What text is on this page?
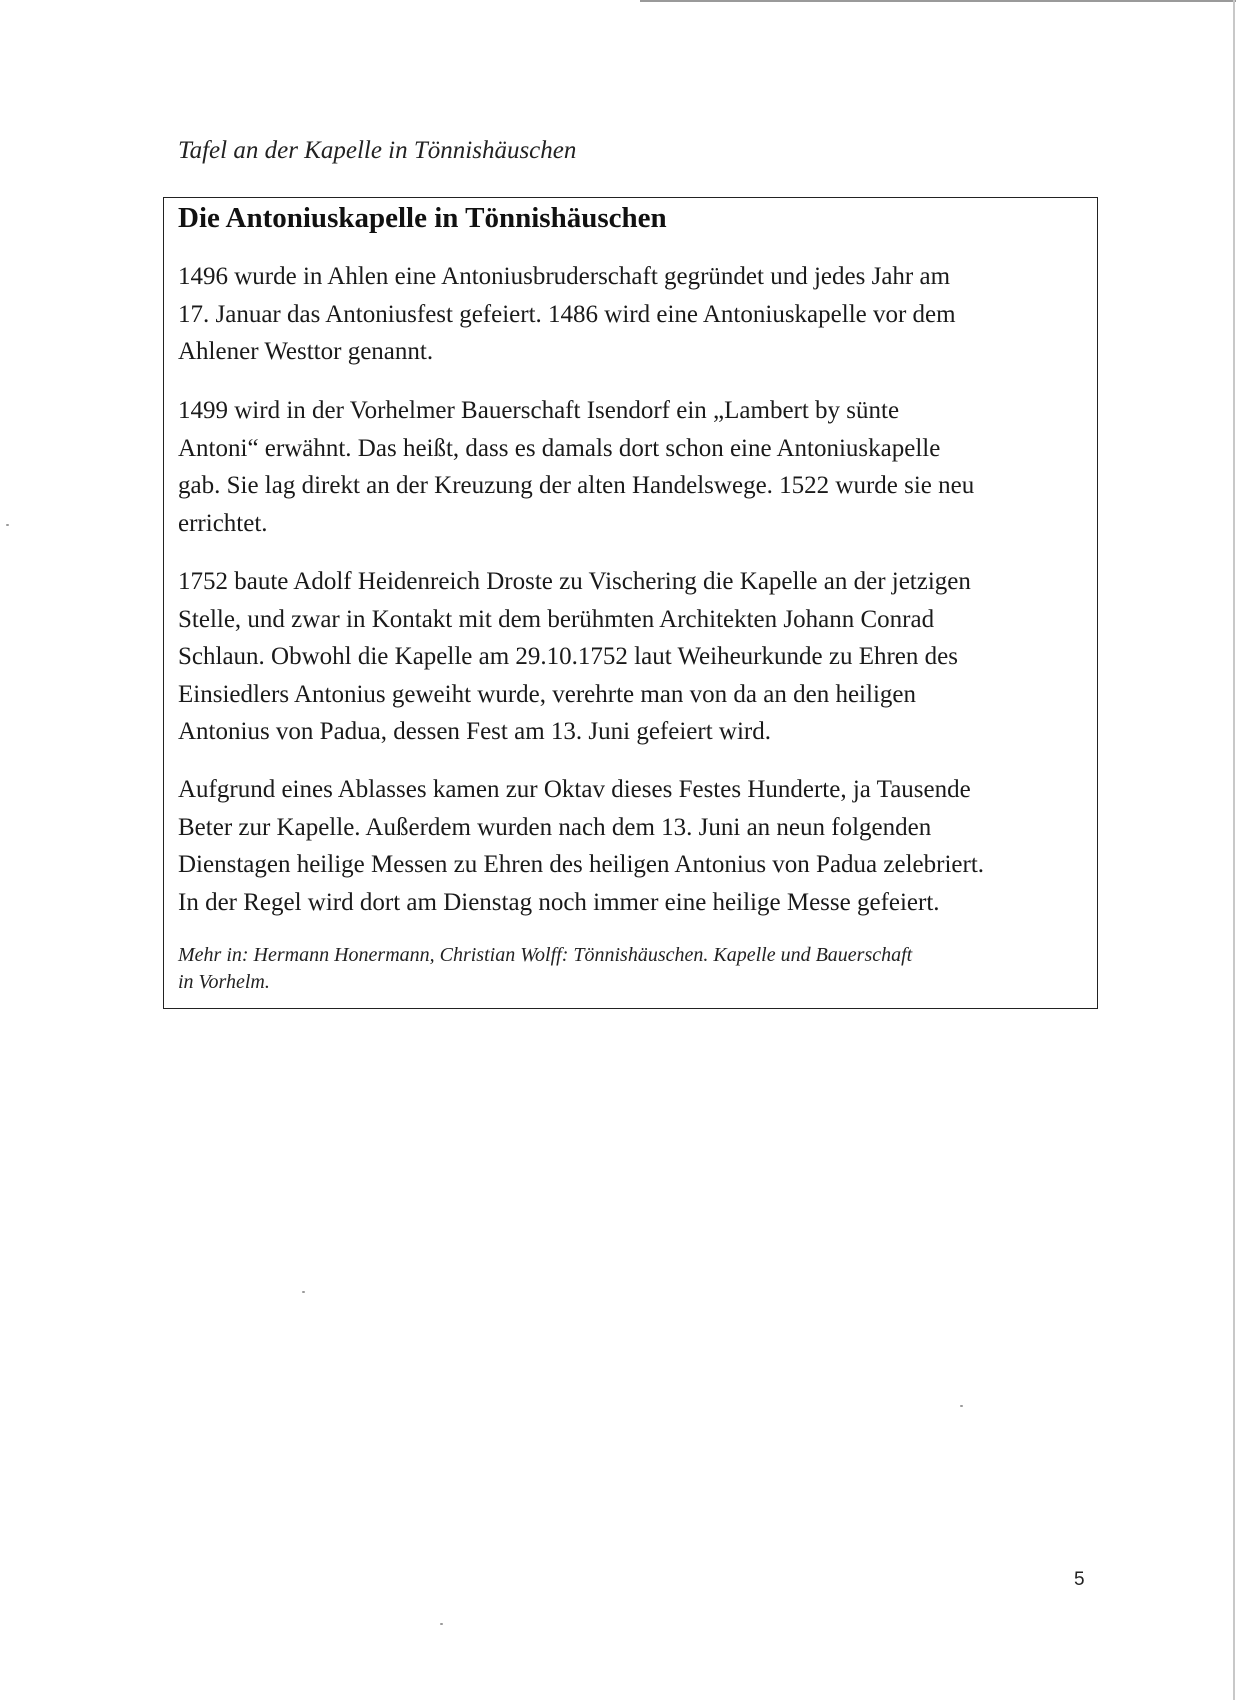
Tafel an der Kapelle in Tönnishäuschen
Die Antoniuskapelle in Tönnishäuschen
1496 wurde in Ahlen eine Antoniusbruderschaft gegründet und jedes Jahr am
17. Januar das Antoniusfest gefeiert. 1486 wird eine Antoniuskapelle vor dem
Ahlener Westtor genannt.
1499 wird in der Vorhelmer Bauerschaft Isendorf ein „Lambert by sünte
Antoni“ erwähnt. Das heißt, dass es damals dort schon eine Antoniuskapelle
gab. Sie lag direkt an der Kreuzung der alten Handelswege. 1522 wurde sie neu
errichtet.
1752 baute Adolf Heidenreich Droste zu Vischering die Kapelle an der jetzigen
Stelle, und zwar in Kontakt mit dem berühmten Architekten Johann Conrad
Schlaun. Obwohl die Kapelle am 29.10.1752 laut Weiheurkunde zu Ehren des
Einsiedlers Antonius geweiht wurde, verehrte man von da an den heiligen
Antonius von Padua, dessen Fest am 13. Juni gefeiert wird.
Aufgrund eines Ablasses kamen zur Oktav dieses Festes Hunderte, ja Tausende
Beter zur Kapelle. Außerdem wurden nach dem 13. Juni an neun folgenden
Dienstagen heilige Messen zu Ehren des heiligen Antonius von Padua zelebriert.
In der Regel wird dort am Dienstag noch immer eine heilige Messe gefeiert.
Mehr in: Hermann Honermann, Christian Wolff: Tönnishäuschen. Kapelle und Bauerschaft
in Vorhelm.
5
